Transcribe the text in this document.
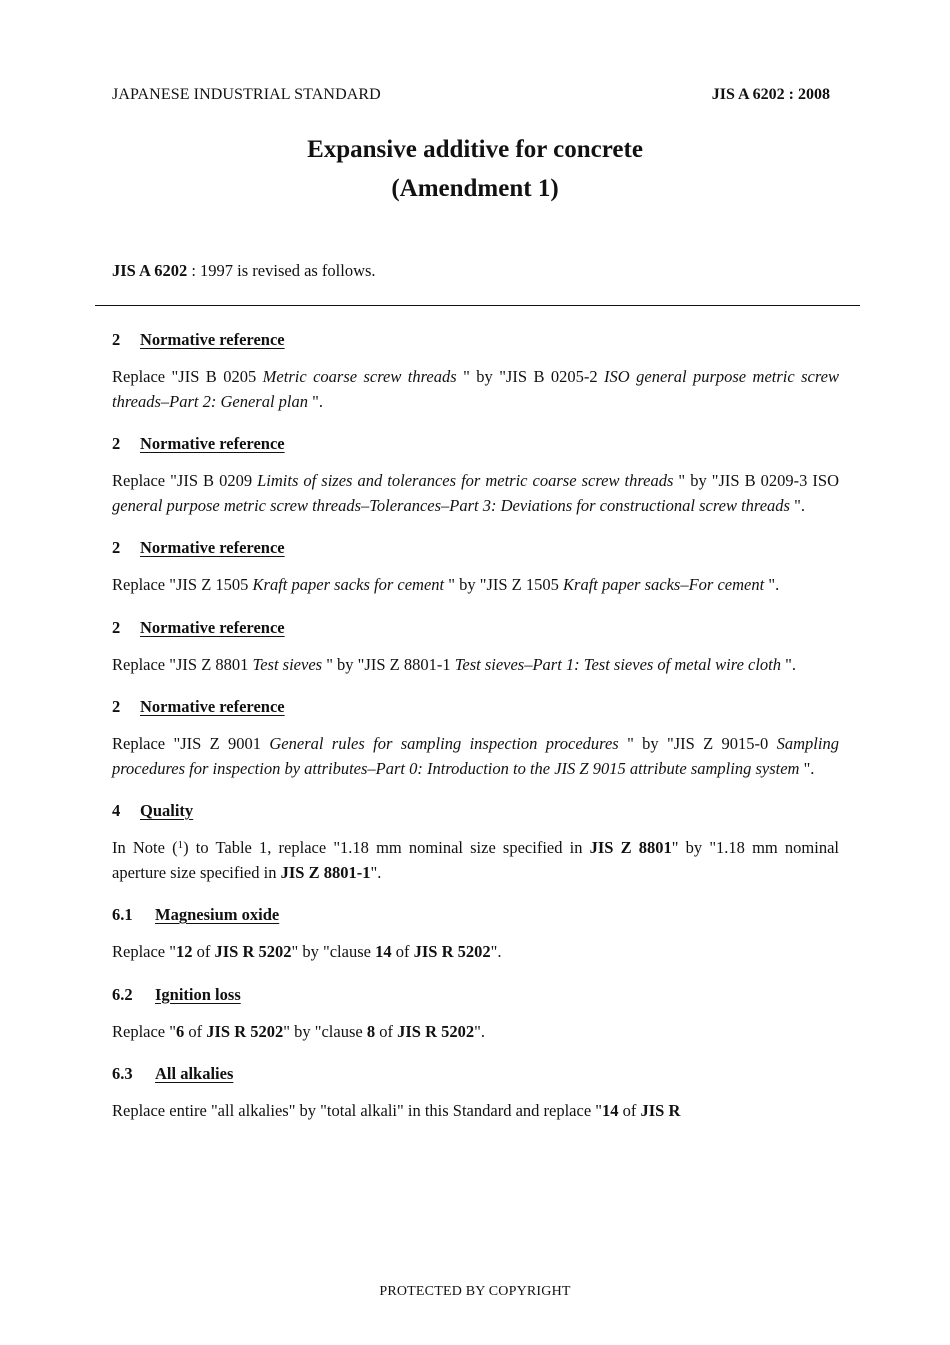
JAPANESE INDUSTRIAL STANDARD	JIS A 6202 : 2008
Expansive additive for concrete
(Amendment 1)
JIS A 6202 : 1997 is revised as follows.
2 Normative reference
Replace "JIS B 0205 Metric coarse screw threads " by "JIS B 0205-2 ISO general purpose metric screw threads–Part 2: General plan ".
2 Normative reference
Replace "JIS B 0209 Limits of sizes and tolerances for metric coarse screw threads " by "JIS B 0209-3 ISO general purpose metric screw threads–Tolerances–Part 3: Deviations for constructional screw threads ".
2 Normative reference
Replace "JIS Z 1505 Kraft paper sacks for cement " by "JIS Z 1505 Kraft paper sacks–For cement ".
2 Normative reference
Replace "JIS Z 8801 Test sieves " by "JIS Z 8801-1 Test sieves–Part 1: Test sieves of metal wire cloth ".
2 Normative reference
Replace "JIS Z 9001 General rules for sampling inspection procedures " by "JIS Z 9015-0 Sampling procedures for inspection by attributes–Part 0: Introduction to the JIS Z 9015 attribute sampling system ".
4 Quality
In Note ($^1$) to Table 1, replace "1.18 mm nominal size specified in JIS Z 8801" by "1.18 mm nominal aperture size specified in JIS Z 8801-1".
6.1 Magnesium oxide
Replace "12 of JIS R 5202" by "clause 14 of JIS R 5202".
6.2 Ignition loss
Replace "6 of JIS R 5202" by "clause 8 of JIS R 5202".
6.3 All alkalies
Replace entire "all alkalies" by "total alkali" in this Standard and replace "14 of JIS R
PROTECTED BY COPYRIGHT
